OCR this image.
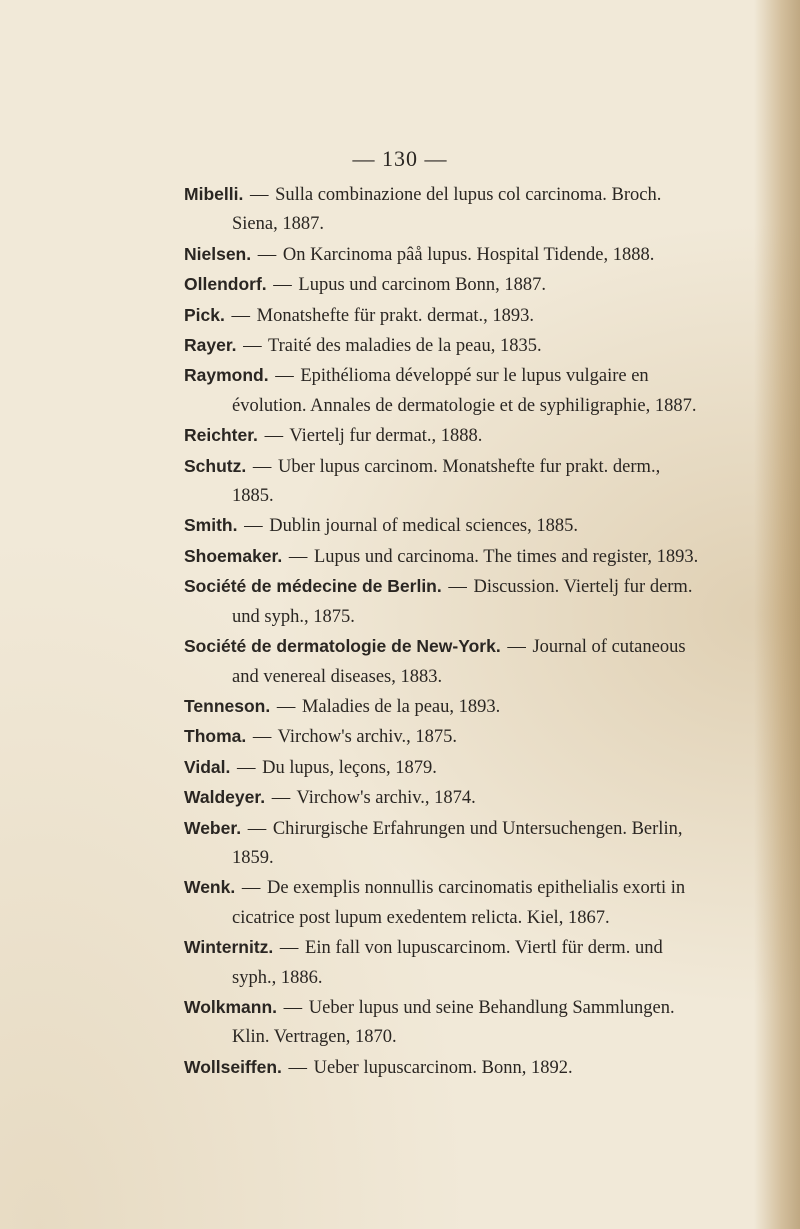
— 130 —

Mibelli. — Sulla combinazione del lupus col carcinoma. Broch. Siena, 1887.

Nielsen. — On Karcinoma pâå lupus. Hospital Tidende, 1888.

Ollendorf. — Lupus und carcinom Bonn, 1887.

Pick. — Monatshefte für prakt. dermat., 1893.

Rayer. — Traité des maladies de la peau, 1835.

Raymond. — Epithélioma développé sur le lupus vulgaire en évolution. Annales de dermatologie et de syphiligraphie, 1887.

Reichter. — Viertelj fur dermat., 1888.

Schutz. — Uber lupus carcinom. Monatshefte fur prakt. derm., 1885.

Smith. — Dublin journal of medical sciences, 1885.

Shoemaker. — Lupus und carcinoma. The times and register, 1893.

Société de médecine de Berlin. — Discussion. Viertelj fur derm. und syph., 1875.

Société de dermatologie de New-York. — Journal of cutaneous and venereal diseases, 1883.

Tenneson. — Maladies de la peau, 1893.

Thoma. — Virchow's archiv., 1875.

Vidal. — Du lupus, leçons, 1879.

Waldeyer. — Virchow's archiv., 1874.

Weber. — Chirurgische Erfahrungen und Untersuchengen. Berlin, 1859.

Wenk. — De exemplis nonnullis carcinomatis epithelialis exorti in cicatrice post lupum exedentem relicta. Kiel, 1867.

Winternitz. — Ein fall von lupuscarcinom. Viertl für derm. und syph., 1886.

Wolkmann. — Ueber lupus und seine Behandlung Sammlungen. Klin. Vertragen, 1870.

Wollseiffen. — Ueber lupuscarcinom. Bonn, 1892.
